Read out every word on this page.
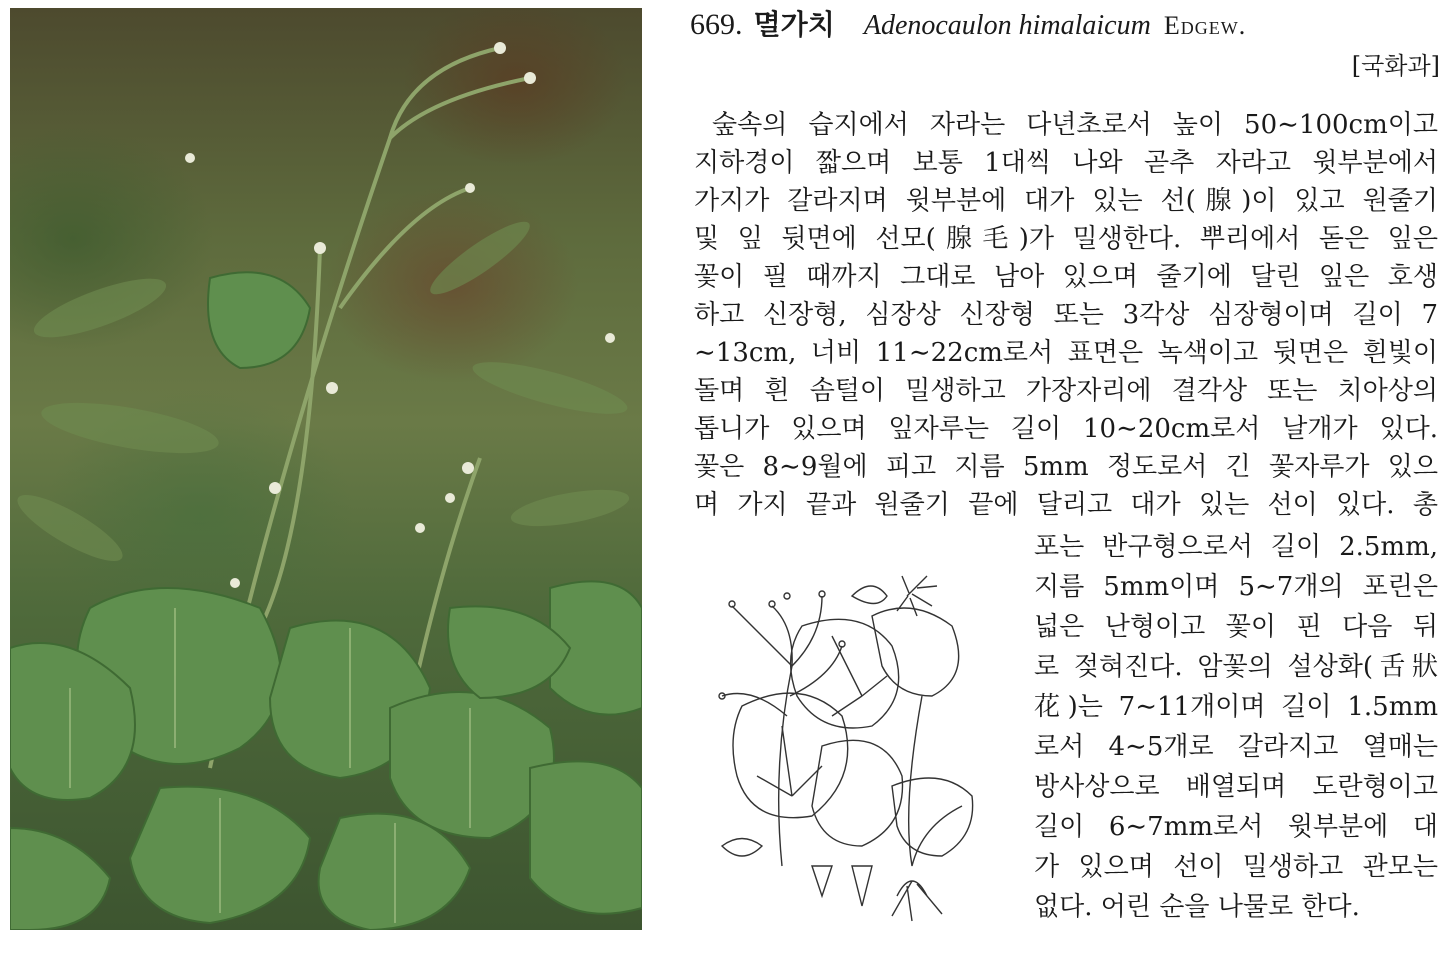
669. 멸가치 Adenocaulon himalaicum Edgew.
[국화과]
숲속의 습지에서 자라는 다년초로서 높이 50∼100cm이고
지하경이 짧으며 보통 1대씩 나와 곧추 자라고 윗부분에서
가지가 갈라지며 윗부분에 대가 있는 선(腺)이 있고 원줄기
및 잎 뒷면에 선모(腺毛)가 밀생한다. 뿌리에서 돋은 잎은
꽃이 필 때까지 그대로 남아 있으며 줄기에 달린 잎은 호생
하고 신장형, 심장상 신장형 또는 3각상 심장형이며 길이 7
∼13cm, 너비 11∼22cm로서 표면은 녹색이고 뒷면은 흰빛이
돌며 흰 솜털이 밀생하고 가장자리에 결각상 또는 치아상의
톱니가 있으며 잎자루는 길이 10∼20cm로서 날개가 있다.
꽃은 8∼9월에 피고 지름 5mm 정도로서 긴 꽃자루가 있으
며 가지 끝과 원줄기 끝에 달리고 대가 있는 선이 있다. 총
포는 반구형으로서 길이 2.5mm,
지름 5mm이며 5∼7개의 포린은
넓은 난형이고 꽃이 핀 다음 뒤
로 젖혀진다. 암꽃의 설상화(舌狀
花)는 7∼11개이며 길이 1.5mm
로서 4∼5개로 갈라지고 열매는
방사상으로 배열되며 도란형이고
길이 6∼7mm로서 윗부분에 대
가 있으며 선이 밀생하고 관모는
없다. 어린 순을 나물로 한다.
